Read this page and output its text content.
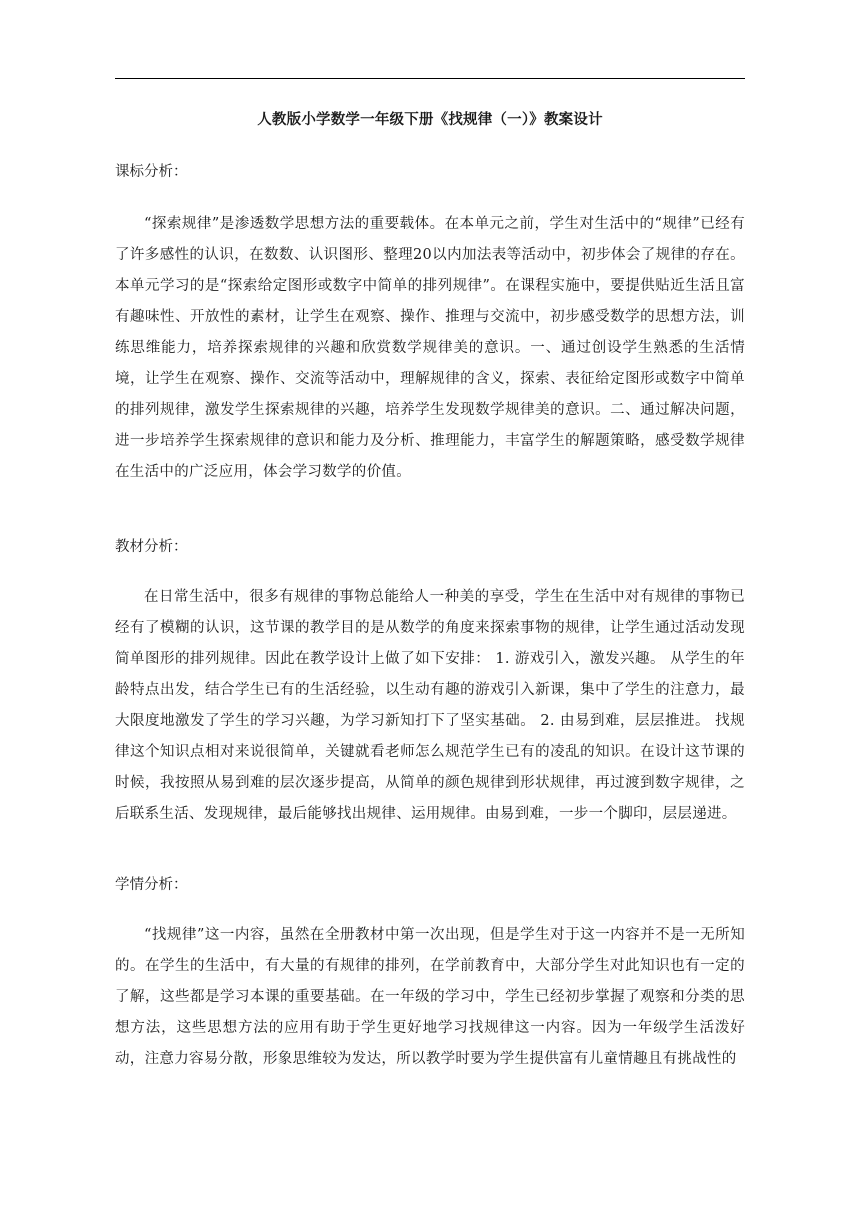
人教版小学数学一年级下册《找规律（一）》教案设计
课标分析：
“探索规律”是渗透数学思想方法的重要载体。在本单元之前，学生对生活中的“规律”已经有了许多感性的认识，在数数、认识图形、整理20以内加法表等活动中，初步体会了规律的存在。本单元学习的是“探索给定图形或数字中简单的排列规律”。在课程实施中，要提供贴近生活且富有趣味性、开放性的素材，让学生在观察、操作、推理与交流中，初步感受数学的思想方法，训练思维能力，培养探索规律的兴趣和欣赏数学规律美的意识。一、通过创设学生熟悉的生活情境，让学生在观察、操作、交流等活动中，理解规律的含义，探索、表征给定图形或数字中简单的排列规律，激发学生探索规律的兴趣，培养学生发现数学规律美的意识。二、通过解决问题，进一步培养学生探索规律的意识和能力及分析、推理能力，丰富学生的解题策略，感受数学规律在生活中的广泛应用，体会学习数学的价值。
教材分析：
在日常生活中，很多有规律的事物总能给人一种美的享受，学生在生活中对有规律的事物已经有了模糊的认识，这节课的教学目的是从数学的角度来探索事物的规律，让学生通过活动发现简单图形的排列规律。因此在教学设计上做了如下安排： 1. 游戏引入，激发兴趣。 从学生的年龄特点出发，结合学生已有的生活经验，以生动有趣的游戏引入新课，集中了学生的注意力，最大限度地激发了学生的学习兴趣，为学习新知打下了坚实基础。 2. 由易到难，层层推进。 找规律这个知识点相对来说很简单，关键就看老师怎么规范学生已有的凌乱的知识。在设计这节课的时候，我按照从易到难的层次逐步提高，从简单的颜色规律到形状规律，再过渡到数字规律，之后联系生活、发现规律，最后能够找出规律、运用规律。由易到难，一步一个脚印，层层递进。
学情分析：
“找规律”这一内容，虽然在全册教材中第一次出现，但是学生对于这一内容并不是一无所知的。在学生的生活中，有大量的有规律的排列，在学前教育中，大部分学生对此知识也有一定的了解，这些都是学习本课的重要基础。在一年级的学习中，学生已经初步掌握了观察和分类的思想方法，这些思想方法的应用有助于学生更好地学习找规律这一内容。因为一年级学生活泼好动，注意力容易分散，形象思维较为发达，所以教学时要为学生提供富有儿童情趣且有挑战性的
